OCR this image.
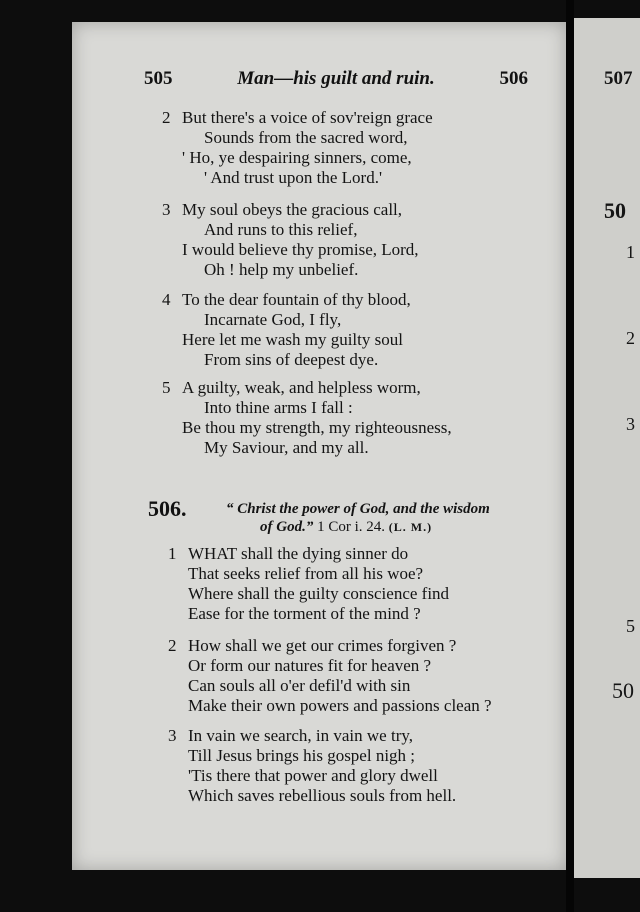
505	Man—his guilt and ruin.	506
2 But there's a voice of sov'reign grace
Sounds from the sacred word,
' Ho, ye despairing sinners, come,
' And trust upon the Lord.'
3 My soul obeys the gracious call,
And runs to this relief,
I would believe thy promise, Lord,
Oh ! help my unbelief.
4 To the dear fountain of thy blood,
Incarnate God, I fly,
Here let me wash my guilty soul
From sins of deepest dye.
5 A guilty, weak, and helpless worm,
Into thine arms I fall :
Be thou my strength, my righteousness,
My Saviour, and my all.
506.	“ Christ the power of God, and the wisdom
of God.” 1 Cor i. 24. (L. M.)
1 WHAT shall the dying sinner do
That seeks relief from all his woe?
Where shall the guilty conscience find
Ease for the torment of the mind ?
2 How shall we get our crimes forgiven ?
Or form our natures fit for heaven ?
Can souls all o'er defil'd with sin
Make their own powers and passions clean ?
3 In vain we search, in vain we try,
Till Jesus brings his gospel nigh ;
'Tis there that power and glory dwell
Which saves rebellious souls from hell.
507
50
1
2
3
5
50
